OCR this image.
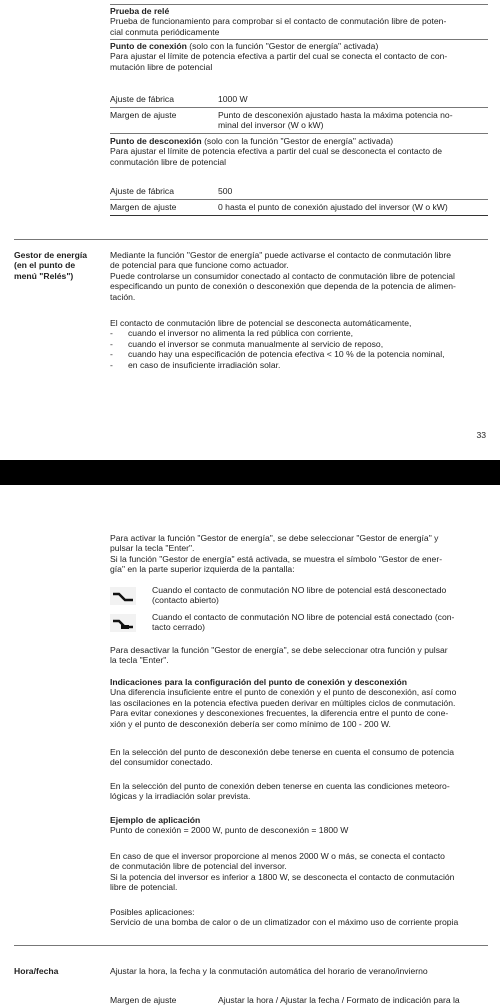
Prueba de relé
Prueba de funcionamiento para comprobar si el contacto de conmutación libre de poten-
cial conmuta periódicamente
Punto de conexión (solo con la función "Gestor de energía" activada)
Para ajustar el límite de potencia efectiva a partir del cual se conecta el contacto de con-
mutación libre de potencial
Ajuste de fábrica	1000 W
Margen de ajuste	Punto de desconexión ajustado hasta la máxima potencia no-
minal del inversor (W o kW)
Punto de desconexión (solo con la función "Gestor de energía" activada)
Para ajustar el límite de potencia efectiva a partir del cual se desconecta el contacto de
conmutación libre de potencial
Ajuste de fábrica	500
Margen de ajuste	0 hasta el punto de conexión ajustado del inversor (W o kW)
Gestor de energía
(en el punto de
menú "Relés")
Mediante la función "Gestor de energía" puede activarse el contacto de conmutación libre
de potencial para que funcione como actuador.
Puede controlarse un consumidor conectado al contacto de conmutación libre de potencial
especificando un punto de conexión o desconexión que dependa de la potencia de alimen-
tación.
El contacto de conmutación libre de potencial se desconecta automáticamente,
- cuando el inversor no alimenta la red pública con corriente,
- cuando el inversor se conmuta manualmente al servicio de reposo,
- cuando hay una especificación de potencia efectiva < 10 % de la potencia nominal,
- en caso de insuficiente irradiación solar.
33
Para activar la función "Gestor de energía", se debe seleccionar "Gestor de energía" y
pulsar la tecla "Enter".
Si la función "Gestor de energía" está activada, se muestra el símbolo "Gestor de ener-
gía" en la parte superior izquierda de la pantalla:
Cuando el contacto de conmutación NO libre de potencial está desconectado
(contacto abierto)
Cuando el contacto de conmutación NO libre de potencial está conectado (con-
tacto cerrado)
Para desactivar la función "Gestor de energía", se debe seleccionar otra función y pulsar
la tecla "Enter".
Indicaciones para la configuración del punto de conexión y desconexión
Una diferencia insuficiente entre el punto de conexión y el punto de desconexión, así como
las oscilaciones en la potencia efectiva pueden derivar en múltiples ciclos de conmutación.
Para evitar conexiones y desconexiones frecuentes, la diferencia entre el punto de cone-
xión y el punto de desconexión debería ser como mínimo de 100 - 200 W.
En la selección del punto de desconexión debe tenerse en cuenta el consumo de potencia
del consumidor conectado.
En la selección del punto de conexión deben tenerse en cuenta las condiciones meteoro-
lógicas y la irradiación solar prevista.
Ejemplo de aplicación
Punto de conexión = 2000 W, punto de desconexión = 1800 W
En caso de que el inversor proporcione al menos 2000 W o más, se conecta el contacto
de conmutación libre de potencial del inversor.
Si la potencia del inversor es inferior a 1800 W, se desconecta el contacto de conmutación
libre de potencial.
Posibles aplicaciones:
Servicio de una bomba de calor o de un climatizador con el máximo uso de corriente propia
Hora/fecha	Ajustar la hora, la fecha y la conmutación automática del horario de verano/invierno
Margen de ajuste	Ajustar la hora / Ajustar la fecha / Formato de indicación para la
